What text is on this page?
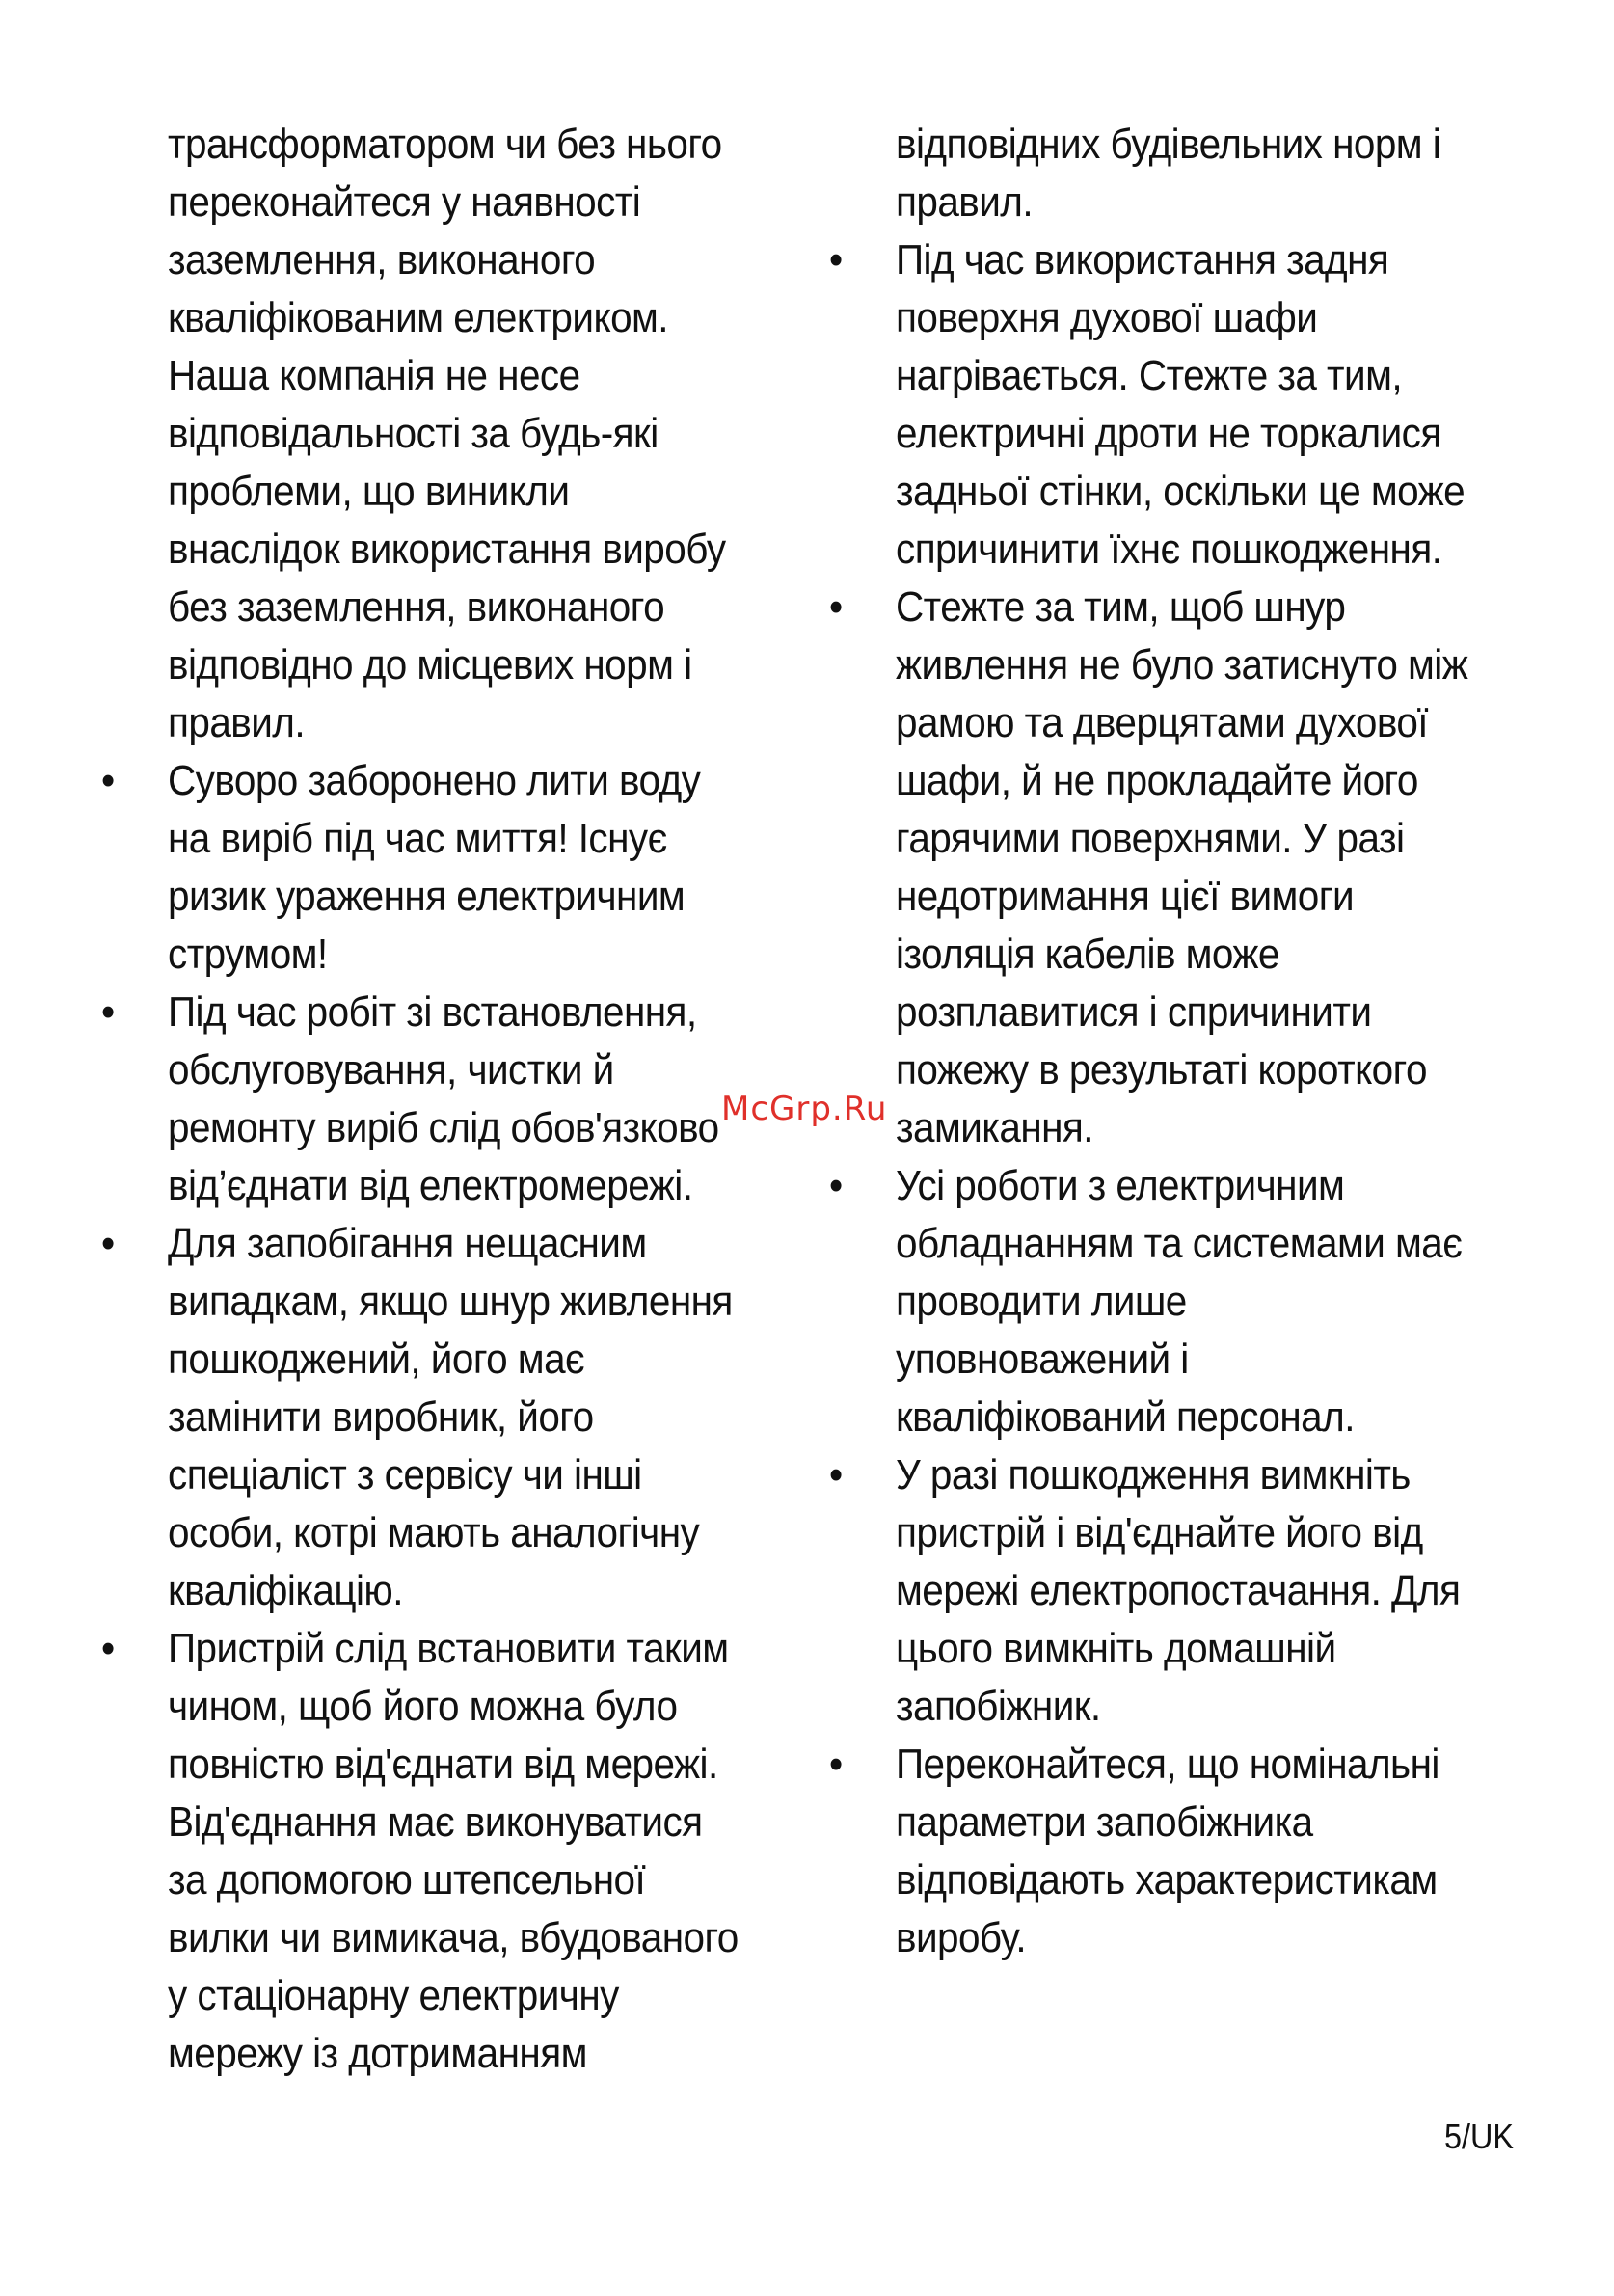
трансформатором чи без нього переконайтеся у наявності заземлення, виконаного кваліфікованим електриком. Наша компанія не несе відповідальності за будь-які проблеми, що виникли внаслідок використання виробу без заземлення, виконаного відповідно до місцевих норм і правил.
• Суворо заборонено лити воду на виріб під час миття! Існує ризик ураження електричним струмом!
• Під час робіт зі встановлення, обслуговування, чистки й ремонту виріб слід обов'язково від’єднати від електромережі.
• Для запобігання нещасним випадкам, якщо шнур живлення пошкоджений, його має замінити виробник, його спеціаліст з сервісу чи інші особи, котрі мають аналогічну кваліфікацію.
• Пристрій слід встановити таким чином, щоб його можна було повністю від'єднати від мережі. Від'єднання має виконуватися за допомогою штепсельної вилки чи вимикача, вбудованого у стаціонарну електричну мережу із дотриманням
відповідних будівельних норм і правил.
• Під час використання задня поверхня духової шафи нагрівається. Стежте за тим, електричні дроти не торкалися задньої стінки, оскільки це може спричинити їхнє пошкодження.
• Стежте за тим, щоб шнур живлення не було затиснуто між рамою та дверцятами духової шафи, й не прокладайте його гарячими поверхнями. У разі недотримання цієї вимоги ізоляція кабелів може розплавитися і спричинити пожежу в результаті короткого замикання.
• Усі роботи з електричним обладнанням та системами має проводити лише уповноважений і кваліфікований персонал.
• У разі пошкодження вимкніть пристрій і від'єднайте його від мережі електропостачання. Для цього вимкніть домашній запобіжник.
• Переконайтеся, що номінальні параметри запобіжника відповідають характеристикам виробу.
McGrp.Ru
5/UK
